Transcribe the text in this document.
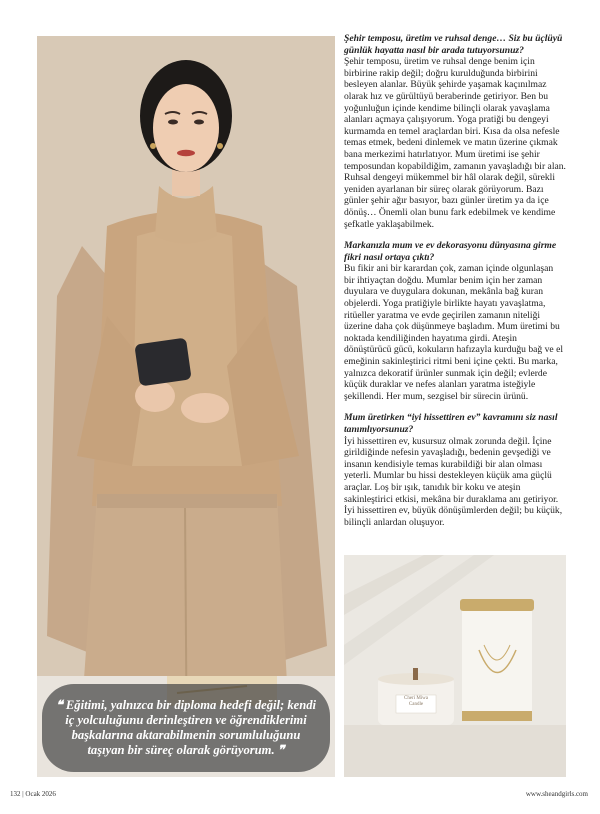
❝ Eğitimi, yalnızca bir diploma hedefi değil; kendi iç yolculuğunu derinleştiren ve öğrendiklerimi başkalarına aktarabilmenin sorumluluğunu taşıyan bir süreç olarak görüyorum. ❞

Şehir temposu, üretim ve ruhsal denge… Siz bu üçlüyü günlük hayatta nasıl bir arada tutuyorsunuz?

Şehir temposu, üretim ve ruhsal denge benim için birbirine rakip değil; doğru kurulduğunda birbirini besleyen alanlar. Büyük şehirde yaşamak kaçınılmaz olarak hız ve gürültüyü beraberinde getiriyor. Ben bu yoğunluğun içinde kendime bilinçli olarak yavaşlama alanları açmaya çalışıyorum. Yoga pratiği bu dengeyi kurmamda en temel araçlardan biri. Kısa da olsa nefesle temas etmek, bedeni dinlemek ve matın üzerine çıkmak bana merkezimi hatırlatıyor. Mum üretimi ise şehir temposundan kopabildiğim, zamanın yavaşladığı bir alan. Ruhsal dengeyi mükemmel bir hâl olarak değil, sürekli yeniden ayarlanan bir süreç olarak görüyorum. Bazı günler şehir ağır basıyor, bazı günler üretim ya da içe dönüş… Önemli olan bunu fark edebilmek ve kendime şefkatle yaklaşabilmek.

Markanızla mum ve ev dekorasyonu dünyasına girme fikri nasıl ortaya çıktı?

Bu fikir ani bir karardan çok, zaman içinde olgunlaşan bir ihtiyaçtan doğdu. Mumlar benim için her zaman duyulara ve duygulara dokunan, mekânla bağ kuran objelerdi. Yoga pratiğiyle birlikte hayatı yavaşlatma, ritüeller yaratma ve evde geçirilen zamanın niteliği üzerine daha çok düşünmeye başladım. Mum üretimi bu noktada kendiliğinden hayatıma girdi. Ateşin dönüştürücü gücü, kokuların hafızayla kurduğu bağ ve el emeğinin sakinleştirici ritmi beni içine çekti. Bu marka, yalnızca dekoratif ürünler sunmak için değil; evlerde küçük duraklar ve nefes alanları yaratma isteğiyle şekillendi. Her mum, sezgisel bir sürecin ürünü.

Mum üretirken “iyi hissettiren ev” kavramını siz nasıl tanımlıyorsunuz?

İyi hissettiren ev, kusursuz olmak zorunda değil. İçine girildiğinde nefesin yavaşladığı, bedenin gevşediği ve insanın kendisiyle temas kurabildiği bir alan olması yeterli. Mumlar bu hissi destekleyen küçük ama güçlü araçlar. Loş bir ışık, tanıdık bir koku ve ateşin sakinleştirici etkisi, mekâna bir duraklama anı getiriyor. İyi hissettiren ev, büyük dönüşümlerden değil; bu küçük, bilinçli anlardan oluşuyor.

Cheri Miwa
Candle
132 | Ocak 2026	www.sheandgirls.com
